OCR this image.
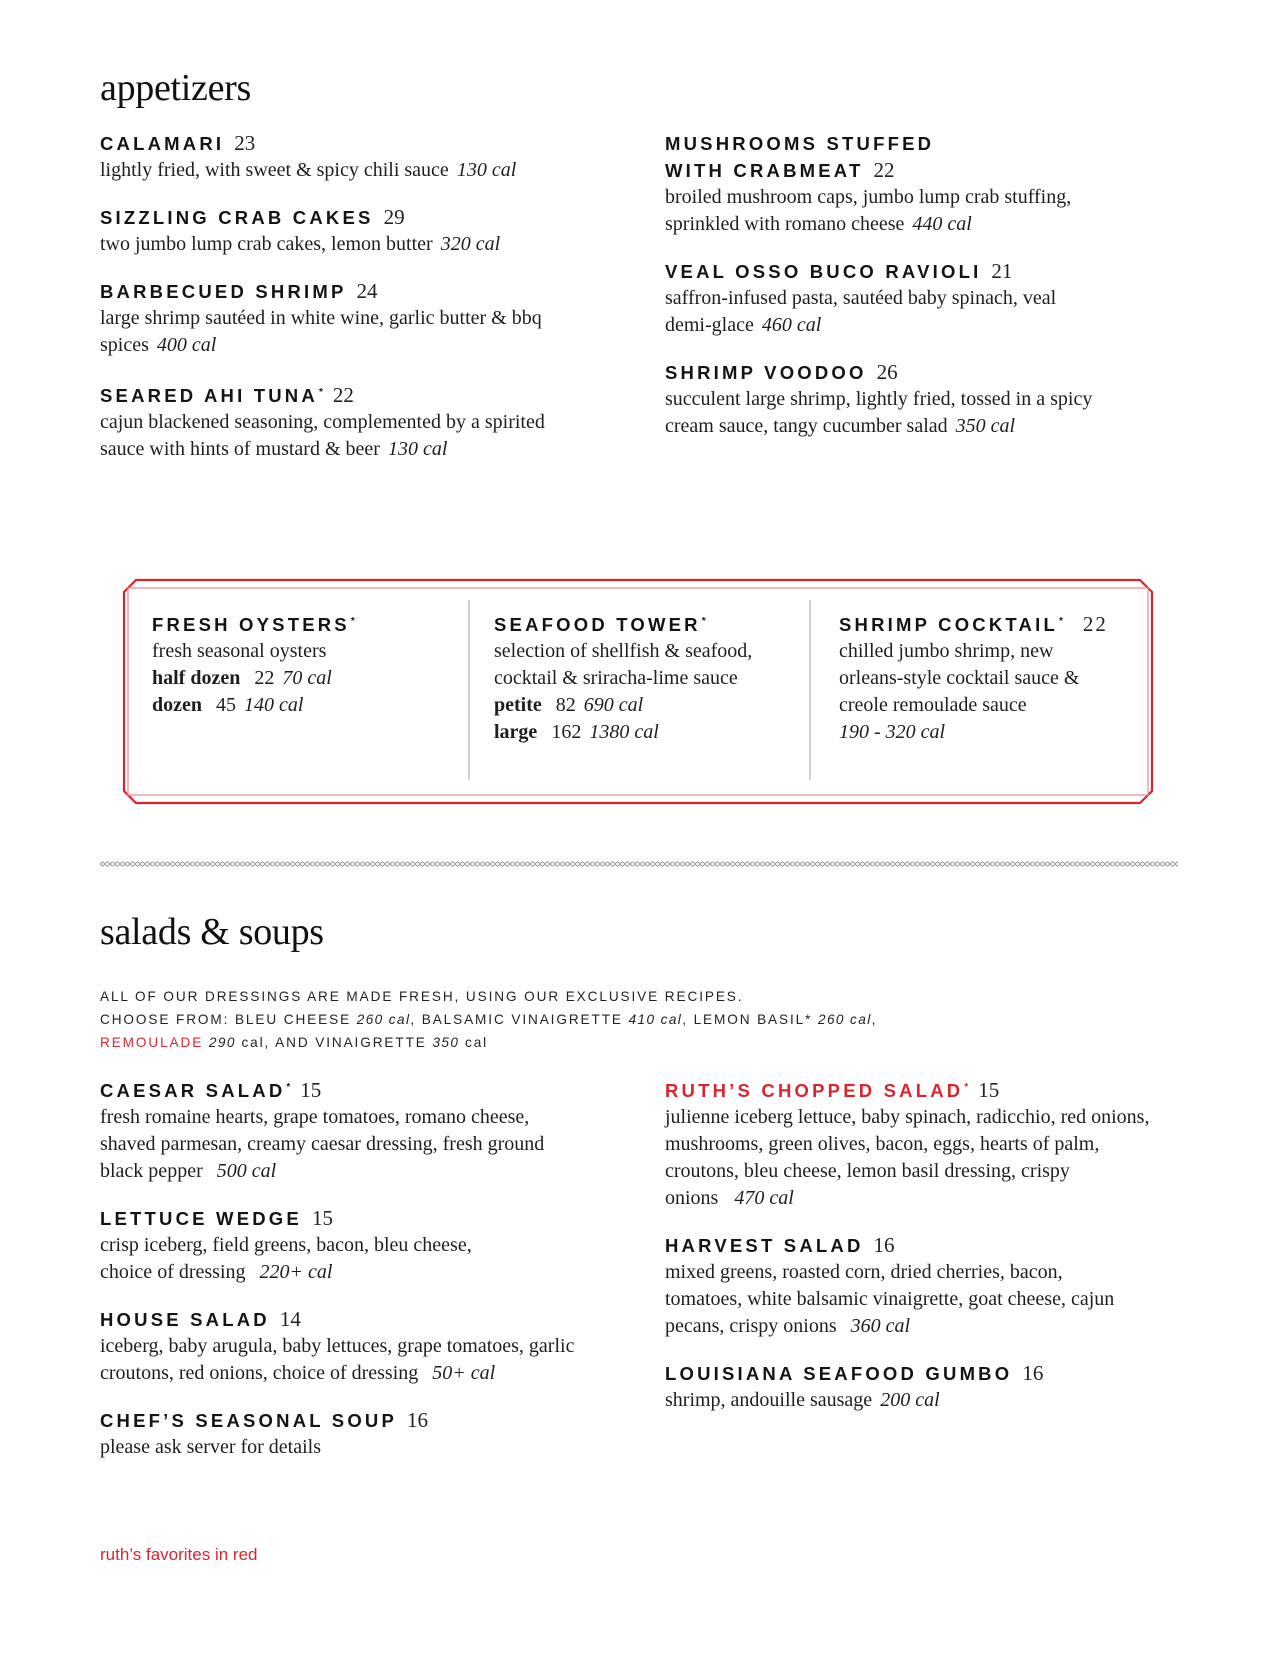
appetizers
CALAMARI 23
lightly fried, with sweet & spicy chili sauce 130 cal
SIZZLING CRAB CAKES 29
two jumbo lump crab cakes, lemon butter 320 cal
BARBECUED SHRIMP 24
large shrimp sautéed in white wine, garlic butter & bbq spices 400 cal
SEARED AHI TUNA* 22
cajun blackened seasoning, complemented by a spirited sauce with hints of mustard & beer 130 cal
MUSHROOMS STUFFED WITH CRABMEAT 22
broiled mushroom caps, jumbo lump crab stuffing, sprinkled with romano cheese 440 cal
VEAL OSSO BUCO RAVIOLI 21
saffron-infused pasta, sautéed baby spinach, veal demi-glace 460 cal
SHRIMP VOODOO 26
succulent large shrimp, lightly fried, tossed in a spicy cream sauce, tangy cucumber salad 350 cal
FRESH OYSTERS*
fresh seasonal oysters
half dozen 22 70 cal
dozen 45 140 cal
SEAFOOD TOWER*
selection of shellfish & seafood, cocktail & sriracha-lime sauce
petite 82 690 cal
large 162 1380 cal
SHRIMP COCKTAIL* 22
chilled jumbo shrimp, new orleans-style cocktail sauce & creole remoulade sauce
190 - 320 cal
salads & soups
ALL OF OUR DRESSINGS ARE MADE FRESH, USING OUR EXCLUSIVE RECIPES.
CHOOSE FROM: BLEU CHEESE 260 cal, BALSAMIC VINAIGRETTE 410 cal, LEMON BASIL* 260 cal,
REMOULADE 290 cal, AND VINAIGRETTE 350 cal
CAESAR SALAD* 15
fresh romaine hearts, grape tomatoes, romano cheese, shaved parmesan, creamy caesar dressing, fresh ground black pepper 500 cal
LETTUCE WEDGE 15
crisp iceberg, field greens, bacon, bleu cheese, choice of dressing 220+ cal
HOUSE SALAD 14
iceberg, baby arugula, baby lettuces, grape tomatoes, garlic croutons, red onions, choice of dressing 50+ cal
CHEF’S SEASONAL SOUP 16
please ask server for details
RUTH’S CHOPPED SALAD* 15
julienne iceberg lettuce, baby spinach, radicchio, red onions, mushrooms, green olives, bacon, eggs, hearts of palm, croutons, bleu cheese, lemon basil dressing, crispy onions 470 cal
HARVEST SALAD 16
mixed greens, roasted corn, dried cherries, bacon, tomatoes, white balsamic vinaigrette, goat cheese, cajun pecans, crispy onions 360 cal
LOUISIANA SEAFOOD GUMBO 16
shrimp, andouille sausage 200 cal
ruth’s favorites in red
